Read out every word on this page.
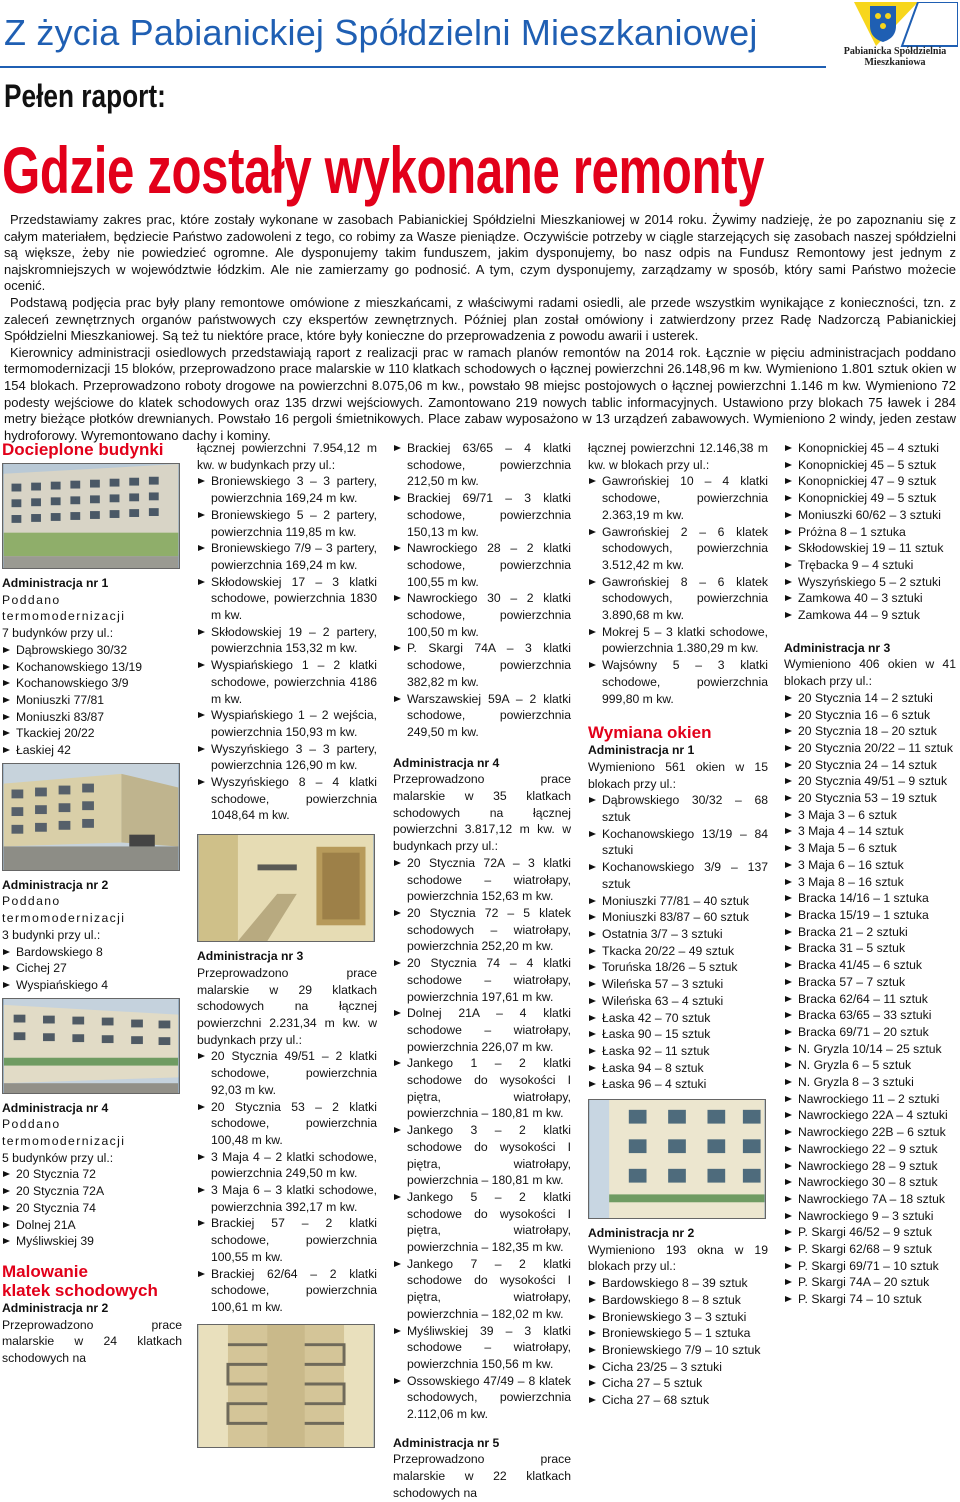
Z życia Pabianickiej Spółdzielni Mieszkaniowej	Pabianicka Spółdzielnia
Mieszkaniowa
Pełen raport:
Gdzie zostały wykonane remonty

Przedstawiamy zakres prac, które zostały wykonane w zasobach Pabianickiej Spółdzielni Mieszkaniowej w 2014 roku. Żywimy nadzieję, że po zapoznaniu się z całym materiałem, będziecie Państwo zadowoleni z tego, co robimy za Wasze pieniądze. Oczywiście potrzeby w ciągle starzejących się zasobach naszej spółdzielni są większe, żeby nie powiedzieć ogromne. Ale dysponujemy takim funduszem, jakim dysponujemy, bo nasz odpis na Fundusz Remontowy jest jednym z najskromniejszych w województwie łódzkim. Ale nie zamierzamy go podnosić. A tym, czym dysponujemy, zarządzamy w sposób, który sami Państwo możecie ocenić.

Podstawą podjęcia prac były plany remontowe omówione z mieszkańcami, z właściwymi radami osiedli, ale przede wszystkim wynikające z konieczności, tzn. z zaleceń zewnętrznych organów państwowych czy ekspertów zewnętrznych. Później plan został omówiony i zatwierdzony przez Radę Nadzorczą Pabianickiej Spółdzielni Mieszkaniowej. Są też tu niektóre prace, które były konieczne do przeprowadzenia z powodu awarii i usterek.

Kierownicy administracji osiedlowych przedstawiają raport z realizacji prac w ramach planów remontów na 2014 rok. Łącznie w pięciu administracjach poddano termomodernizacji 15 bloków, przeprowadzono prace malarskie w 110 klatkach schodowych o łącznej powierzchni 26.148,96 m kw. Wymieniono 1.801 sztuk okien w 154 blokach. Przeprowadzono roboty drogowe na powierzchni 8.075,06 m kw., powstało 98 miejsc postojowych o łącznej powierzchni 1.146 m kw. Wymieniono 72 podesty wejściowe do klatek schodowych oraz 135 drzwi wejściowych. Zamontowano 219 nowych tablic informacyjnych. Ustawiono przy blokach 75 ławek i 284 metry bieżące płotków drewnianych. Powstało 16 pergoli śmietnikowych. Place zabaw wyposażono w 13 urządzeń zabawowych. Wymieniono 2 windy, jeden zestaw hydroforowy. Wyremontowano dachy i kominy.

Docieplone budynki
Administracja nr 1
Poddano termomodernizacji
7 budynków przy ul.:
Dąbrowskiego 30/32
Kochanowskiego 13/19
Kochanowskiego 3/9
Moniuszki 77/81
Moniuszki 83/87
Tkackiej 20/22
Łaskiej 42
Administracja nr 2
Poddano termomodernizacji
3 budynki przy ul.:
Bardowskiego 8
Cichej 27
Wyspiańskiego 4
Administracja nr 4
Poddano termomodernizacji
5 budynków przy ul.:
20 Stycznia 72
20 Stycznia 72A
20 Stycznia 74
Dolnej 21A
Myśliwskiej 39
Malowanie
klatek schodowych
Administracja nr 2
Przeprowadzono prace malarskie w 24 klatkach schodowych na
łącznej powierzchni 7.954,12 m kw. w budynkach przy ul.:
Broniewskiego 3 – 3 partery, powierzchnia 169,24 m kw.
Broniewskiego 5 – 2 partery, powierzchnia 119,85 m kw.
Broniewskiego 7/9 – 3 partery, powierzchnia 169,24 m kw.
Skłodowskiej 17 – 3 klatki schodowe, powierzchnia 1830 m kw.
Skłodowskiej 19 – 2 partery, powierzchnia 153,32 m kw.
Wyspiańskiego 1 – 2 klatki schodowe, powierzchnia 4186 m kw.
Wyspiańskiego 1 – 2 wejścia, powierzchnia 150,93 m kw.
Wyszyńskiego 3 – 3 partery, powierzchnia 126,90 m kw.
Wyszyńskiego 8 – 4 klatki schodowe, powierzchnia 1048,64 m kw.
Administracja nr 3
Przeprowadzono prace malarskie w 29 klatkach schodowych na łącznej powierzchni 2.231,34 m kw. w budynkach przy ul.:
20 Stycznia 49/51 – 2 klatki schodowe, powierzchnia 92,03 m kw.
20 Stycznia 53 – 2 klatki schodowe, powierzchnia 100,48 m kw.
3 Maja 4 – 2 klatki schodowe, powierzchnia 249,50 m kw.
3 Maja 6 – 3 klatki schodowe, powierzchnia 392,17 m kw.
Brackiej 57 – 2 klatki schodowe, powierzchnia 100,55 m kw.
Brackiej 62/64 – 2 klatki schodowe, powierzchnia 100,61 m kw.
Brackiej 63/65 – 4 klatki schodowe, powierzchnia 212,50 m kw.
Brackiej 69/71 – 3 klatki schodowe, powierzchnia 150,13 m kw.
Nawrockiego 28 – 2 klatki schodowe, powierzchnia 100,55 m kw.
Nawrockiego 30 – 2 klatki schodowe, powierzchnia 100,50 m kw.
P. Skargi 74A – 3 klatki schodowe, powierzchnia 382,82 m kw.
Warszawskiej 59A – 2 klatki schodowe, powierzchnia 249,50 m kw.
Administracja nr 4
Przeprowadzono prace malarskie w 35 klatkach schodowych na łącznej powierzchni 3.817,12 m kw. w budynkach przy ul.:
20 Stycznia 72A – 3 klatki schodowe – wiatrołapy, powierzchnia 152,63 m kw.
20 Stycznia 72 – 5 klatek schodowych – wiatrołapy, powierzchnia 252,20 m kw.
20 Stycznia 74 – 4 klatki schodowe – wiatrołapy, powierzchnia 197,61 m kw.
Dolnej 21A – 4 klatki schodowe – wiatrołapy, powierzchnia 226,07 m kw.
Jankego 1 – 2 klatki schodowe do wysokości I piętra, wiatrołapy, powierzchnia – 180,81 m kw.
Jankego 3 – 2 klatki schodowe do wysokości I piętra, wiatrołapy, powierzchnia – 180,81 m kw.
Jankego 5 – 2 klatki schodowe do wysokości I piętra, wiatrołapy, powierzchnia – 182,35 m kw.
Jankego 7 – 2 klatki schodowe do wysokości I piętra, wiatrołapy, powierzchnia – 182,02 m kw.
Myśliwskiej 39 – 3 klatki schodowe – wiatrołapy, powierzchnia 150,56 m kw.
Ossowskiego 47/49 – 8 klatek schodowych, powierzchnia 2.112,06 m kw.
Administracja nr 5
Przeprowadzono prace malarskie w 22 klatkach schodowych na
łącznej powierzchni 12.146,38 m kw. w blokach przy ul.:
Gawrońskiej 10 – 4 klatki schodowe, powierzchnia 2.363,19 m kw.
Gawrońskiej 2 – 6 klatek schodowych, powierzchnia 3.512,42 m kw.
Gawrońskiej 8 – 6 klatek schodowych, powierzchnia 3.890,68 m kw.
Mokrej 5 – 3 klatki schodowe, powierzchnia 1.380,29 m kw.
Wajsówny 5 – 3 klatki schodowe, powierzchnia 999,80 m kw.
Wymiana okien
Administracja nr 1
Wymieniono 561 okien w 15 blokach przy ul.:
Dąbrowskiego 30/32 – 68 sztuk
Kochanowskiego 13/19 – 84 sztuki
Kochanowskiego 3/9 – 137 sztuk
Moniuszki 77/81 – 40 sztuk
Moniuszki 83/87 – 60 sztuk
Ostatnia 3/7 – 3 sztuki
Tkacka 20/22 – 49 sztuk
Toruńska 18/26 – 5 sztuk
Wileńska 57 – 3 sztuki
Wileńska 63 – 4 sztuki
Łaska 42 – 70 sztuk
Łaska 90 – 15 sztuk
Łaska 92 – 11 sztuk
Łaska 94 – 8 sztuk
Łaska 96 – 4 sztuki
Administracja nr 2
Wymieniono 193 okna w 19 blokach przy ul.:
Bardowskiego 8 – 39 sztuk
Bardowskiego 8 – 8 sztuk
Broniewskiego 3 – 3 sztuki
Broniewskiego 5 – 1 sztuka
Broniewskiego 7/9 – 10 sztuk
Cicha 23/25 – 3 sztuki
Cicha 27 – 5 sztuk
Cicha 27 – 68 sztuk
Konopnickiej 45 – 4 sztuki
Konopnickiej 45 – 5 sztuk
Konopnickiej 47 – 9 sztuk
Konopnickiej 49 – 5 sztuk
Moniuszki 60/62 – 3 sztuki
Próżna 8 – 1 sztuka
Skłodowskiej 19 – 11 sztuk
Trębacka 9 – 4 sztuki
Wyszyńskiego 5 – 2 sztuki
Zamkowa 40 – 3 sztuki
Zamkowa 44 – 9 sztuk
Administracja nr 3
Wymieniono 406 okien w 41 blokach przy ul.:
20 Stycznia 14 – 2 sztuki
20 Stycznia 16 – 6 sztuk
20 Stycznia 18 – 20 sztuk
20 Stycznia 20/22 – 11 sztuk
20 Stycznia 24 – 14 sztuk
20 Stycznia 49/51 – 9 sztuk
20 Stycznia 53 – 19 sztuk
3 Maja 3 – 6 sztuk
3 Maja 4 – 14 sztuk
3 Maja 5 – 6 sztuk
3 Maja 6 – 16 sztuk
3 Maja 8 – 16 sztuk
Bracka 14/16 – 1 sztuka
Bracka 15/19 – 1 sztuka
Bracka 21 – 2 sztuki
Bracka 31 – 5 sztuk
Bracka 41/45 – 6 sztuk
Bracka 57 – 7 sztuk
Bracka 62/64 – 11 sztuk
Bracka 63/65 – 33 sztuki
Bracka 69/71 – 20 sztuk
N. Gryzla 10/14 – 25 sztuk
N. Gryzla 6 – 5 sztuk
N. Gryzla 8 – 3 sztuki
Nawrockiego 11 – 2 sztuki
Nawrockiego 22A – 4 sztuki
Nawrockiego 22B – 6 sztuk
Nawrockiego 22 – 9 sztuk
Nawrockiego 28 – 9 sztuk
Nawrockiego 30 – 8 sztuk
Nawrockiego 7A – 18 sztuk
Nawrockiego 9 – 3 sztuki
P. Skargi 46/52 – 9 sztuk
P. Skargi 62/68 – 9 sztuk
P. Skargi 69/71 – 10 sztuk
P. Skargi 74A – 20 sztuk
P. Skargi 74 – 10 sztuk
